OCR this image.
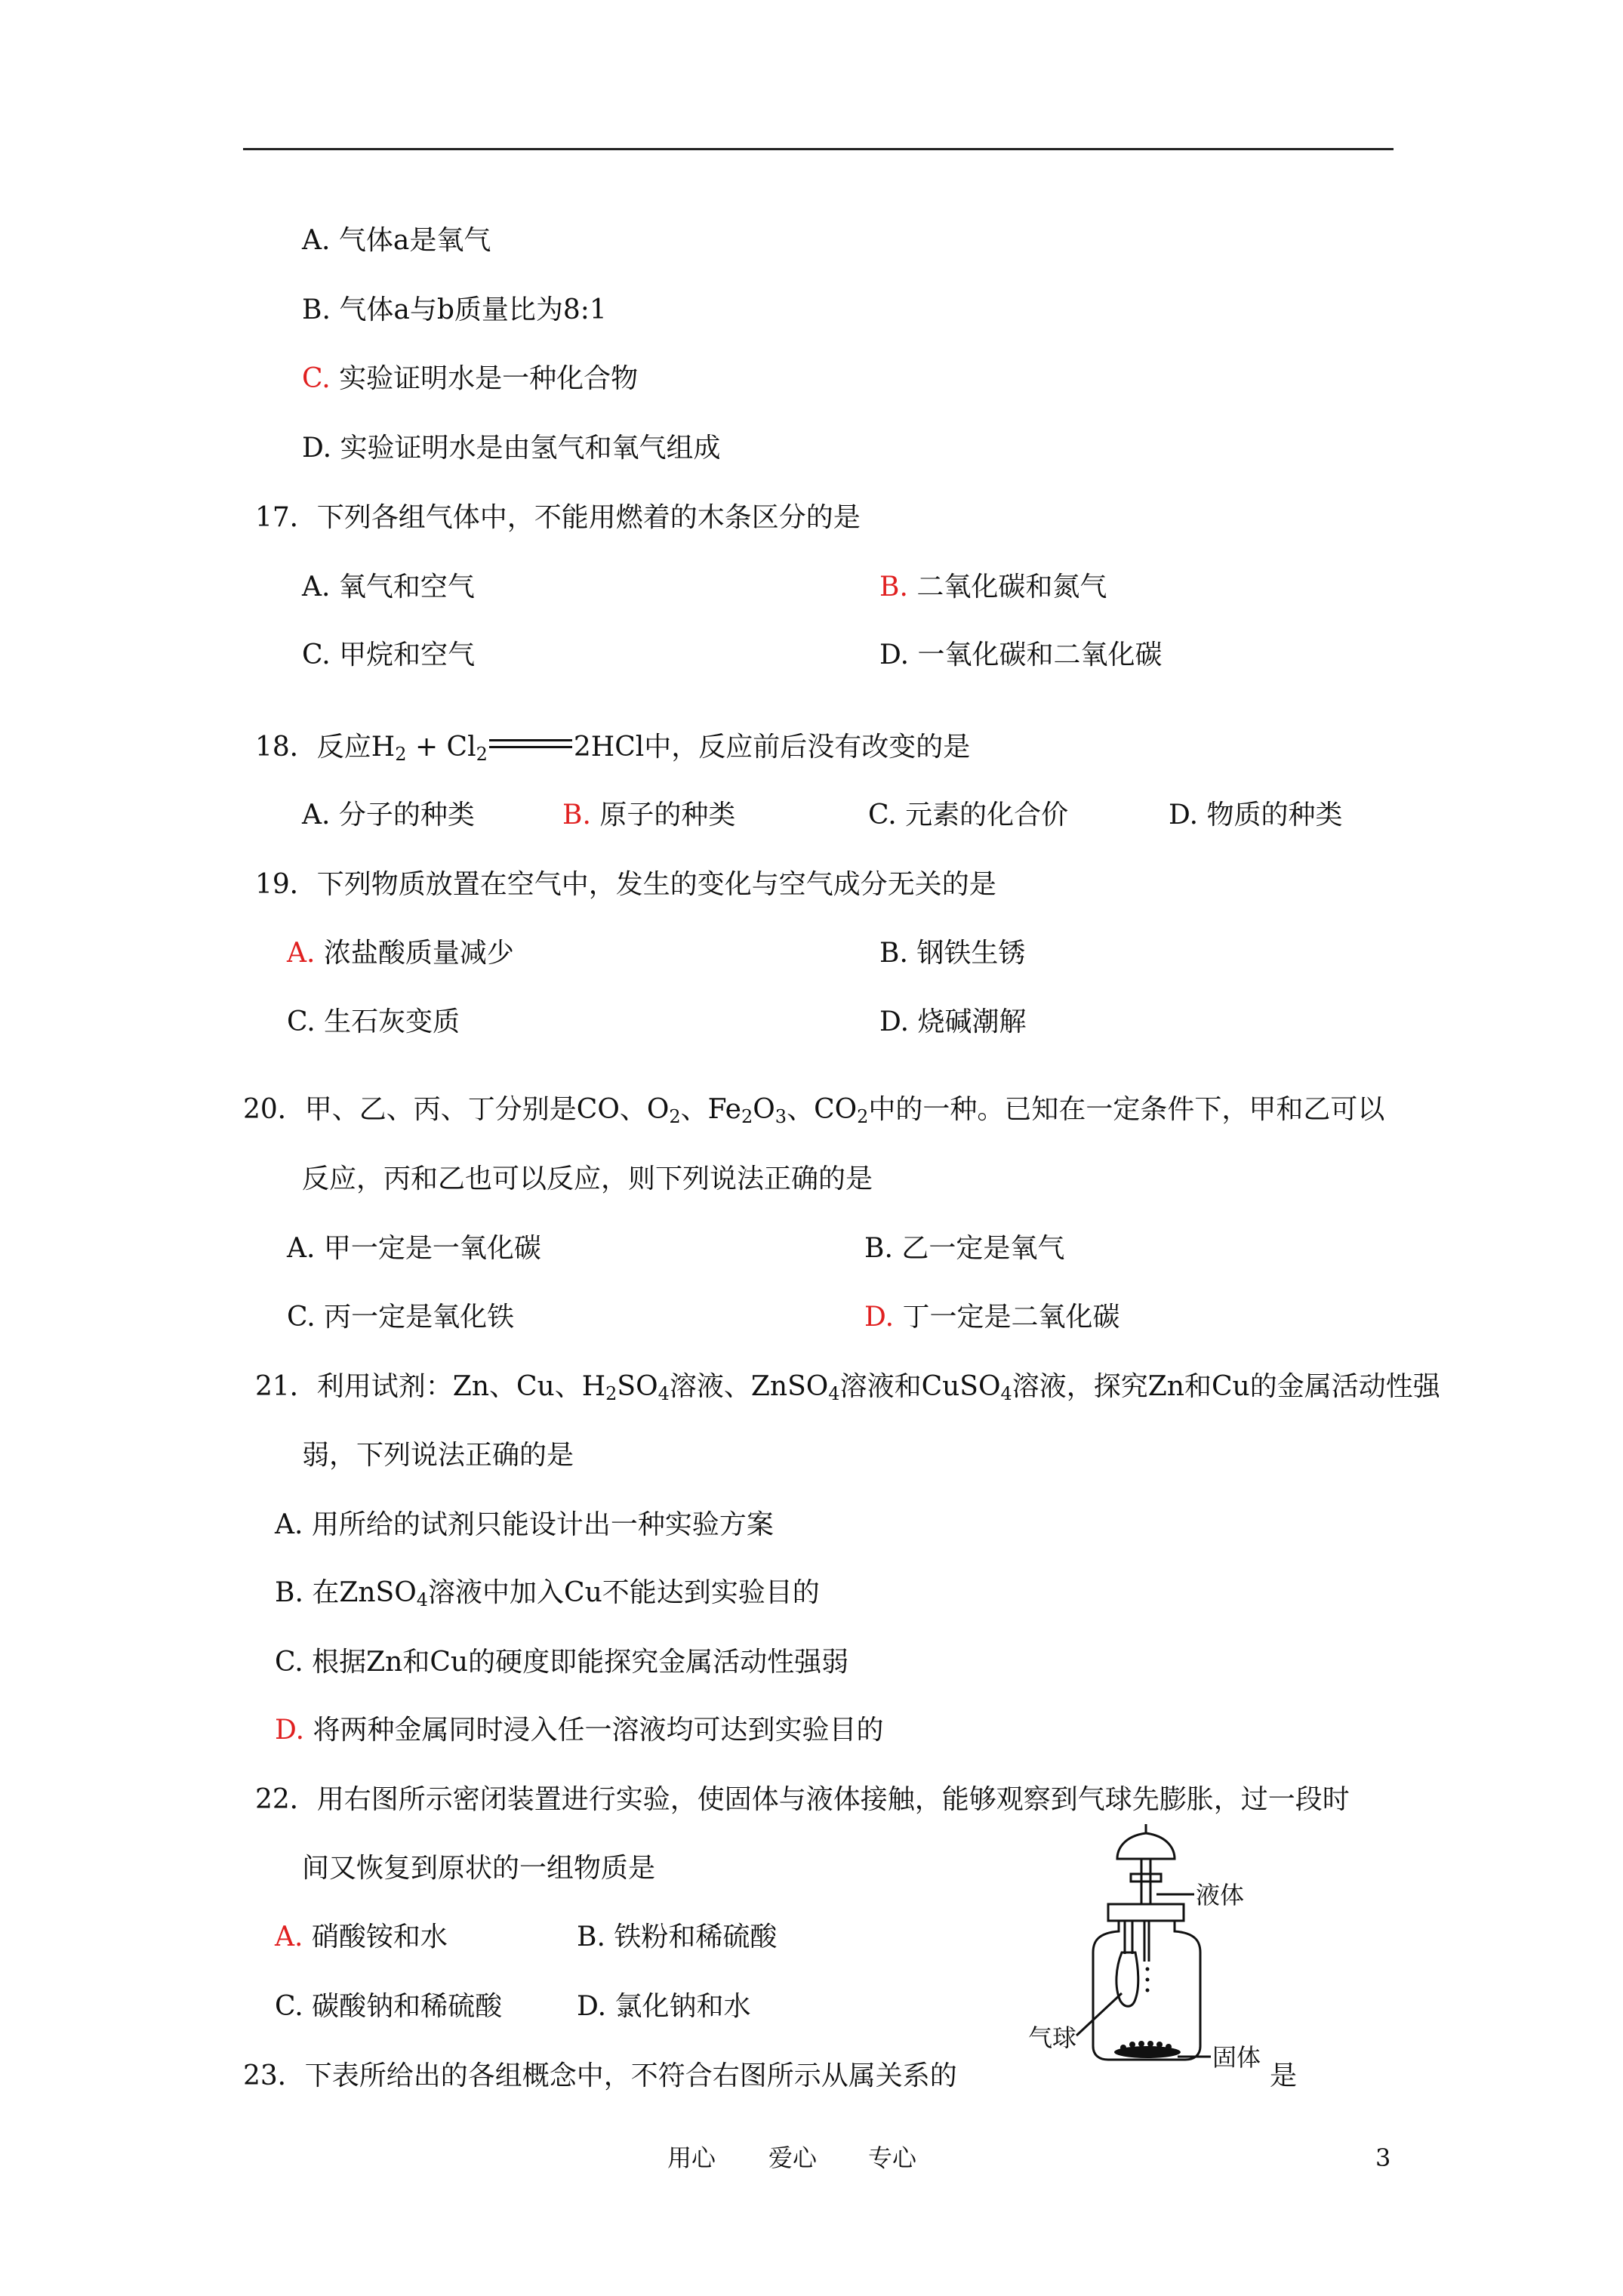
A. 气体a是氧气
B. 气体a与b质量比为8:1
C. 实验证明水是一种化合物
D. 实验证明水是由氢气和氧气组成
17．下列各组气体中，不能用燃着的木条区分的是
A. 氧气和空气	B. 二氧化碳和氮气
C. 甲烷和空气	D. 一氧化碳和二氧化碳
18．反应$H_2 + Cl_2$	2HCl中，反应前后没有改变的是
A. 分子的种类	B. 原子的种类	C. 元素的化合价	D. 物质的种类
19．下列物质放置在空气中，发生的变化与空气成分无关的是
A. 浓盐酸质量减少	B. 钢铁生锈
C. 生石灰变质	D. 烧碱潮解
20．甲、乙、丙、丁分别是CO、$O_2$、$Fe_2O_3$、$CO_2$中的一种。已知在一定条件下，甲和乙可以
反应，丙和乙也可以反应，则下列说法正确的是
A. 甲一定是一氧化碳	B. 乙一定是氧气
C. 丙一定是氧化铁	D. 丁一定是二氧化碳
21．利用试剂：Zn、Cu、$H_2SO_4$溶液、ZnSO$_4$溶液和CuSO$_4$溶液，探究Zn和Cu的金属活动性强
弱，下列说法正确的是
A. 用所给的试剂只能设计出一种实验方案
B. 在ZnSO$_4$溶液中加入Cu不能达到实验目的
C. 根据Zn和Cu的硬度即能探究金属活动性强弱
D. 将两种金属同时浸入任一溶液均可达到实验目的
22．用右图所示密闭装置进行实验，使固体与液体接触，能够观察到气球先膨胀，过一段时
间又恢复到原状的一组物质是
A. 硝酸铵和水	B. 铁粉和稀硫酸
C. 碳酸钠和稀硫酸	D. 氯化钠和水
液体
气球
固体
23．下表所给出的各组概念中，不符合右图所示从属关系的	是
用心 爱心 专心	3
